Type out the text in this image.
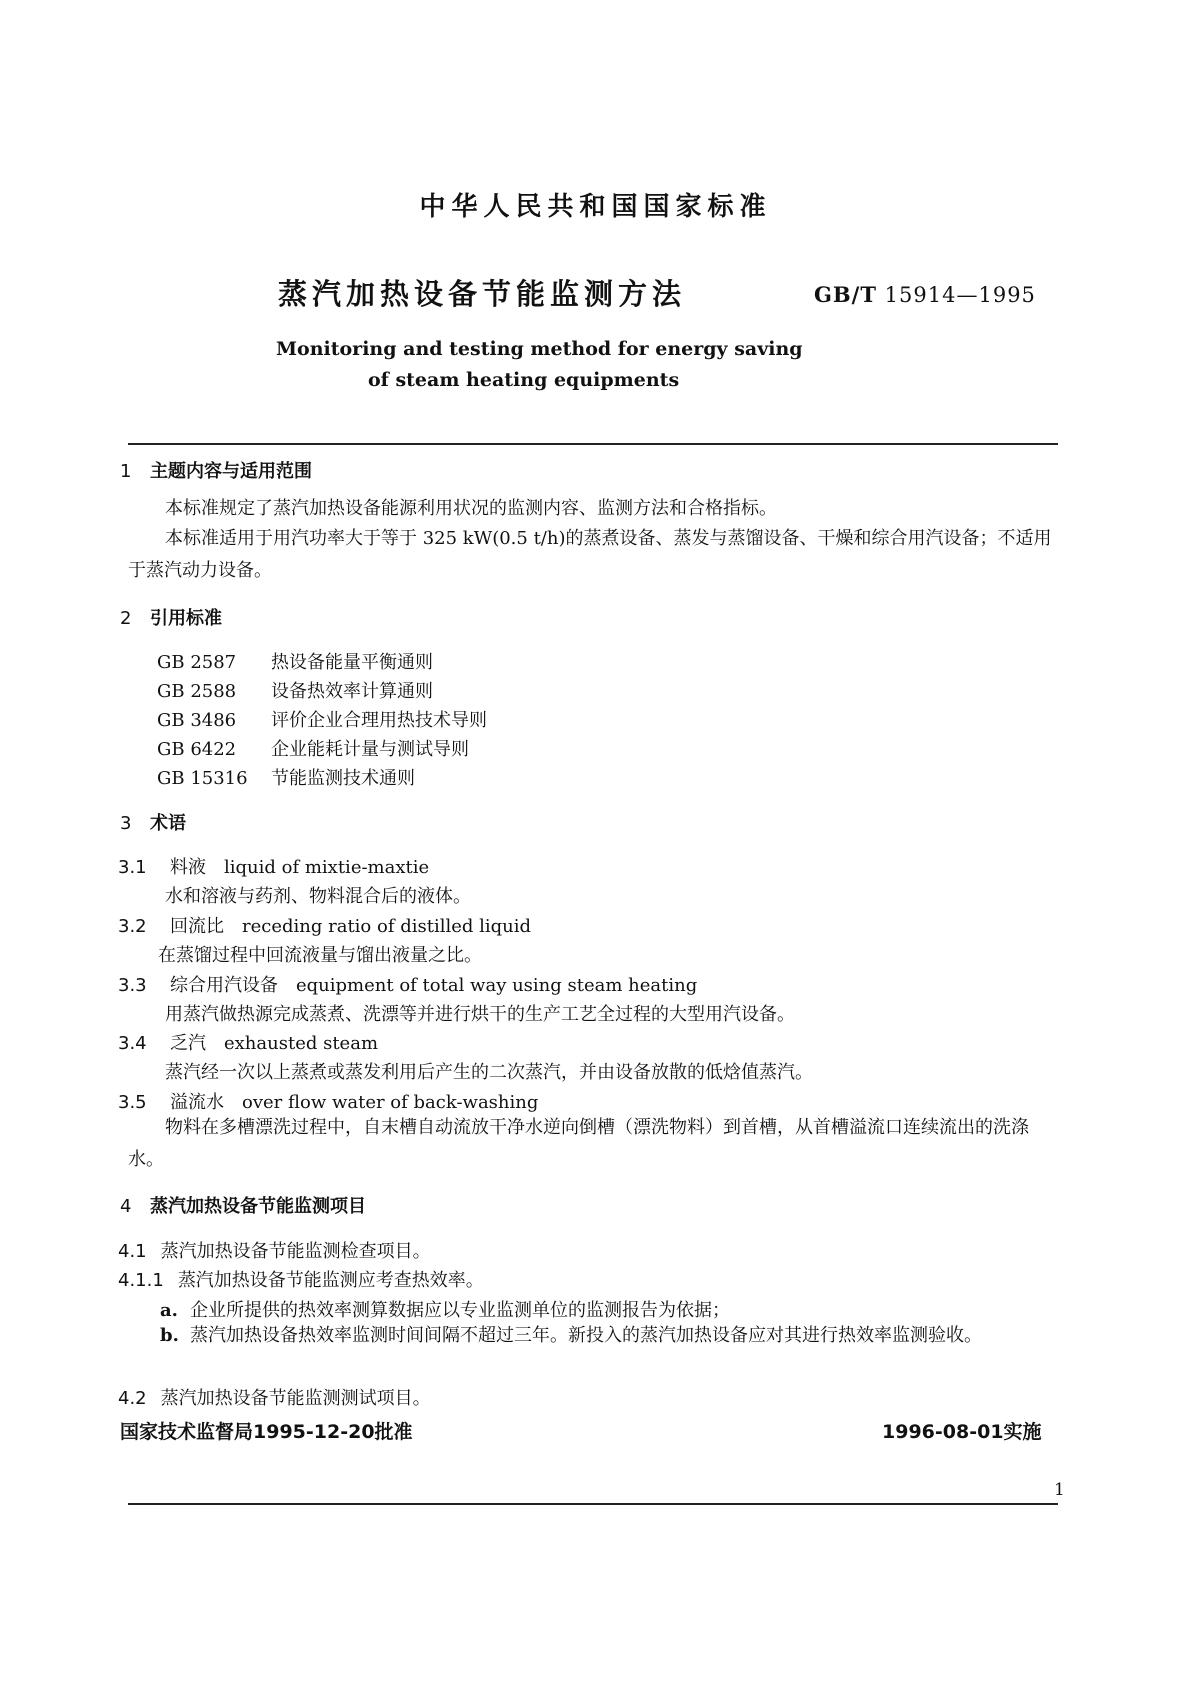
中华人民共和国国家标准
蒸汽加热设备节能监测方法	GB/T 15914—1995
Monitoring and testing method for energy saving
of steam heating equipments
1 主题内容与适用范围
本标准规定了蒸汽加热设备能源利用状况的监测内容、监测方法和合格指标。
本标准适用于用汽功率大于等于 325 kW(0.5 t/h)的蒸煮设备、蒸发与蒸馏设备、干燥和综合用汽设备；不适用于蒸汽动力设备。
2 引用标准
GB 2587 热设备能量平衡通则
GB 2588 设备热效率计算通则
GB 3486 评价企业合理用热技术导则
GB 6422 企业能耗计量与测试导则
GB 15316 节能监测技术通则
3 术语
3.1 料液 liquid of mixtie-maxtie
水和溶液与药剂、物料混合后的液体。
3.2 回流比 receding ratio of distilled liquid
在蒸馏过程中回流液量与馏出液量之比。
3.3 综合用汽设备 equipment of total way using steam heating
用蒸汽做热源完成蒸煮、洗漂等并进行烘干的生产工艺全过程的大型用汽设备。
3.4 乏汽 exhausted steam
蒸汽经一次以上蒸煮或蒸发利用后产生的二次蒸汽，并由设备放散的低焓值蒸汽。
3.5 溢流水 over flow water of back-washing
物料在多槽漂洗过程中，自末槽自动流放干净水逆向倒槽（漂洗物料）到首槽，从首槽溢流口连续流出的洗涤水。
4 蒸汽加热设备节能监测项目
4.1 蒸汽加热设备节能监测检查项目。
4.1.1 蒸汽加热设备节能监测应考查热效率。
a. 企业所提供的热效率测算数据应以专业监测单位的监测报告为依据；
b. 蒸汽加热设备热效率监测时间间隔不超过三年。新投入的蒸汽加热设备应对其进行热效率监测验收。
4.2 蒸汽加热设备节能监测测试项目。
国家技术监督局1995-12-20批准	1996-08-01实施
1
